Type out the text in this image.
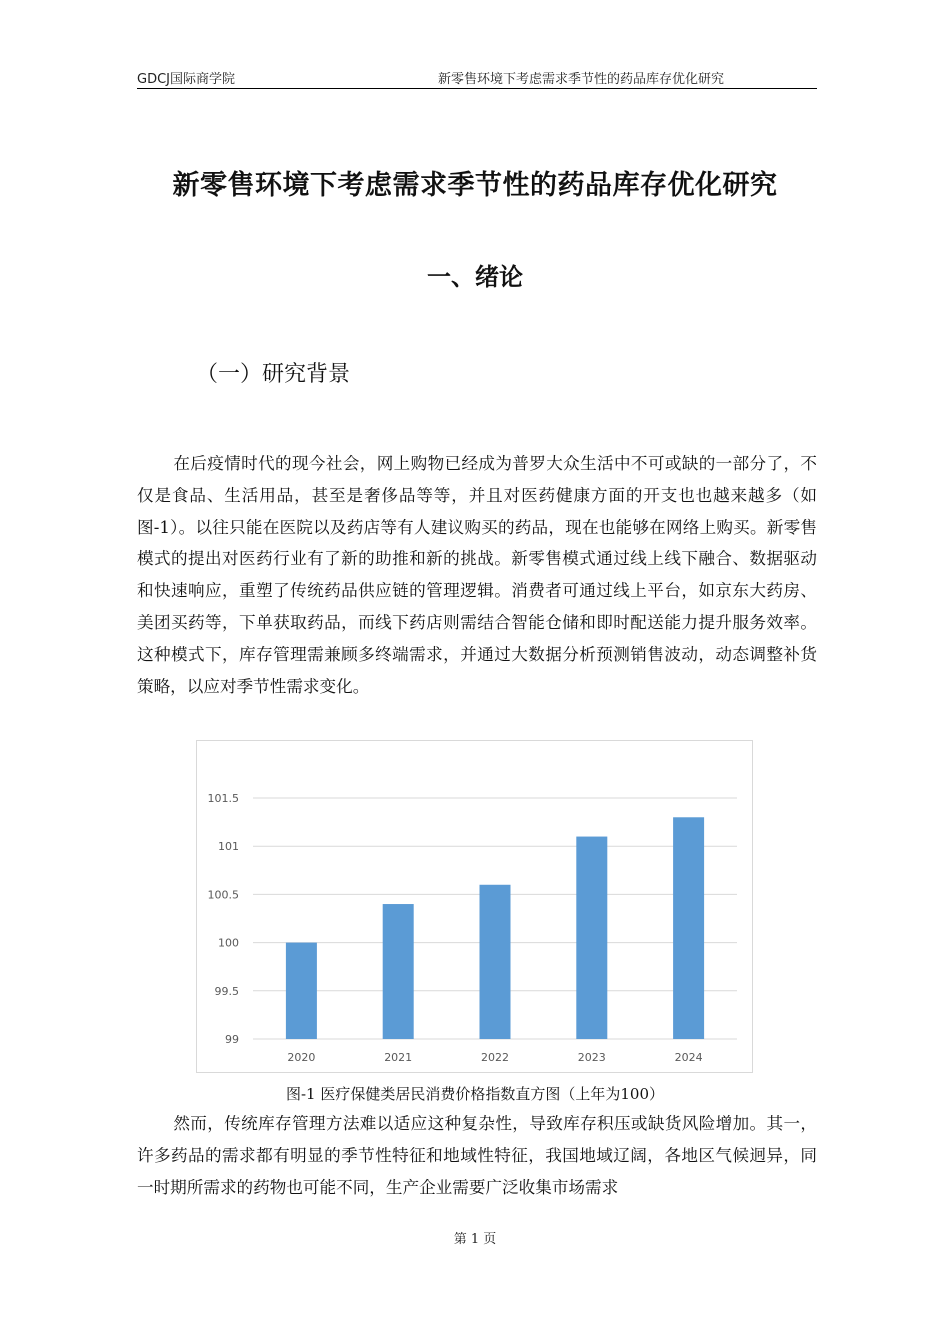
GDCJ国际商学院	新零售环境下考虑需求季节性的药品库存优化研究
新零售环境下考虑需求季节性的药品库存优化研究
一、绪论
（一）研究背景

在后疫情时代的现今社会，网上购物已经成为普罗大众生活中不可或缺的一部分了，不仅是食品、生活用品，甚至是奢侈品等等，并且对医药健康方面的开支也也越来越多（如图-1）。以往只能在医院以及药店等有人建议购买的药品，现在也能够在网络上购买。新零售模式的提出对医药行业有了新的助推和新的挑战。新零售模式通过线上线下融合、数据驱动和快速响应，重塑了传统药品供应链的管理逻辑。消费者可通过线上平台，如京东大药房、美团买药等，下单获取药品，而线下药店则需结合智能仓储和即时配送能力提升服务效率。这种模式下，库存管理需兼顾多终端需求，并通过大数据分析预测销售波动，动态调整补货策略，以应对季节性需求变化。

99
99.5
100
100.5
101
101.5
2020	2021	2022	2023	2024
图-1 医疗保健类居民消费价格指数直方图（上年为100）

然而，传统库存管理方法难以适应这种复杂性，导致库存积压或缺货风险增加。其一，许多药品的需求都有明显的季节性特征和地域性特征，我国地域辽阔，各地区气候迥异，同一时期所需求的药物也可能不同，生产企业需要广泛收集市场需求

第 1 页
